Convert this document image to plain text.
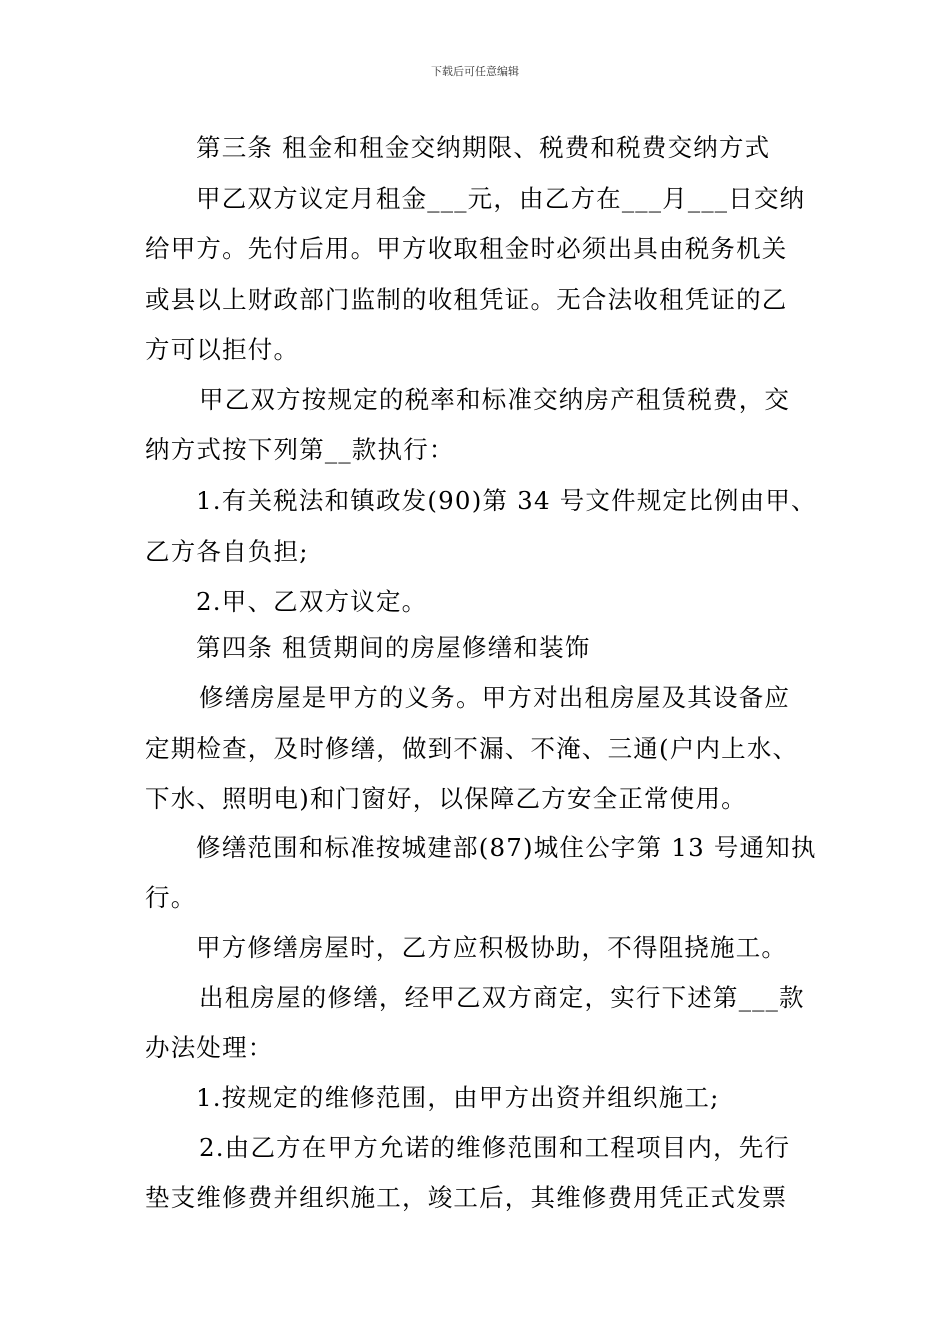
下载后可任意编辑
第三条 租金和租金交纳期限、税费和税费交纳方式
甲乙双方议定月租金___元，由乙方在___月___日交纳
给甲方。先付后用。甲方收取租金时必须出具由税务机关
或县以上财政部门监制的收租凭证。无合法收租凭证的乙
方可以拒付。
甲乙双方按规定的税率和标准交纳房产租赁税费，交
纳方式按下列第__款执行：
1.有关税法和镇政发(90)第 34 号文件规定比例由甲、
乙方各自负担;
2.甲、乙双方议定。
第四条 租赁期间的房屋修缮和装饰
修缮房屋是甲方的义务。甲方对出租房屋及其设备应
定期检查，及时修缮，做到不漏、不淹、三通(户内上水、
下水、照明电)和门窗好，以保障乙方安全正常使用。
修缮范围和标准按城建部(87)城住公字第 13 号通知执
行。
甲方修缮房屋时，乙方应积极协助，不得阻挠施工。
出租房屋的修缮，经甲乙双方商定，实行下述第___款
办法处理：
1.按规定的维修范围，由甲方出资并组织施工;
2.由乙方在甲方允诺的维修范围和工程项目内，先行
垫支维修费并组织施工，竣工后，其维修费用凭正式发票
